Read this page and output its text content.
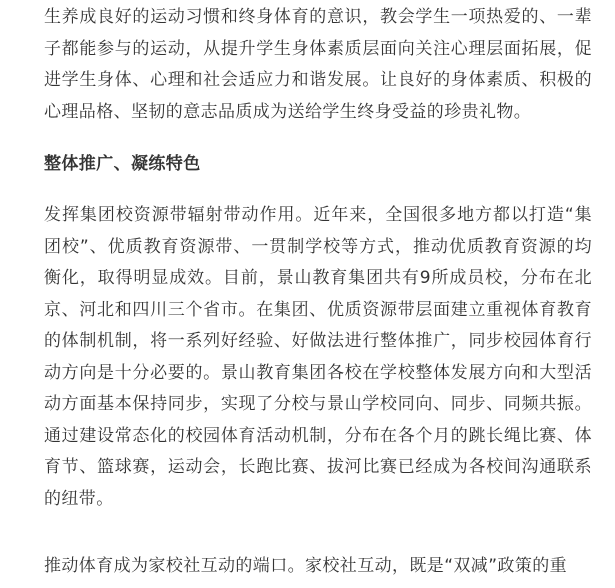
生养成良好的运动习惯和终身体育的意识，教会学生一项热爱的、一辈子都能参与的运动，从提升学生身体素质层面向关注心理层面拓展，促进学生身体、心理和社会适应力和谐发展。让良好的身体素质、积极的心理品格、坚韧的意志品质成为送给学生终身受益的珍贵礼物。

整体推广、凝练特色

发挥集团校资源带辐射带动作用。近年来，全国很多地方都以打造“集团校”、优质教育资源带、一贯制学校等方式，推动优质教育资源的均衡化，取得明显成效。目前，景山教育集团共有9所成员校，分布在北京、河北和四川三个省市。在集团、优质资源带层面建立重视体育教育的体制机制，将一系列好经验、好做法进行整体推广，同步校园体育行动方向是十分必要的。景山教育集团各校在学校整体发展方向和大型活动方面基本保持同步，实现了分校与景山学校同向、同步、同频共振。通过建设常态化的校园体育活动机制，分布在各个月的跳长绳比赛、体育节、篮球赛，运动会，长跑比赛、拔河比赛已经成为各校间沟通联系的纽带。

推动体育成为家校社互动的端口。家校社互动，既是“双减”政策的重
